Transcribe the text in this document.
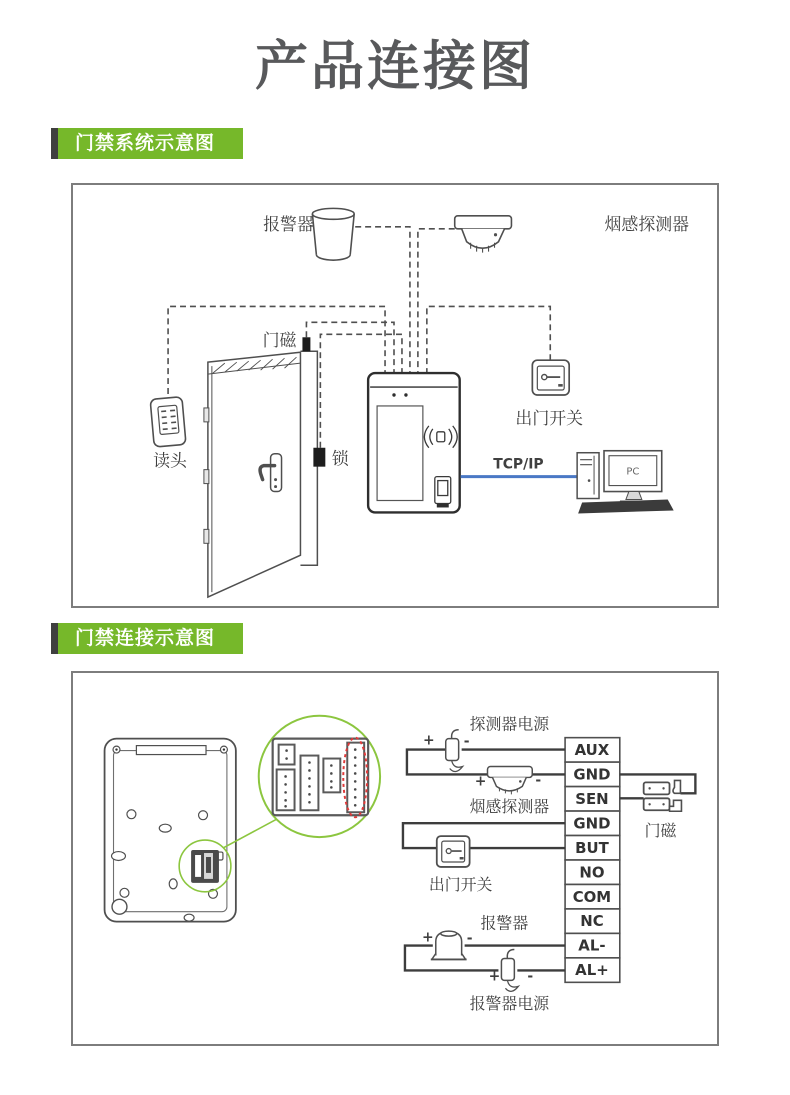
产品连接图
门禁系统示意图
报警器	烟感探测器
门磁
锁
读头
出门开关
TCP/IP	PC
门禁连接示意图
AUX
GND
SEN
GND
BUT
NO
COM
NC
AL-
AL+
+ -
探测器电源
+	-
烟感探测器
门磁
出门开关
+ -
报警器
+ -
报警器电源
